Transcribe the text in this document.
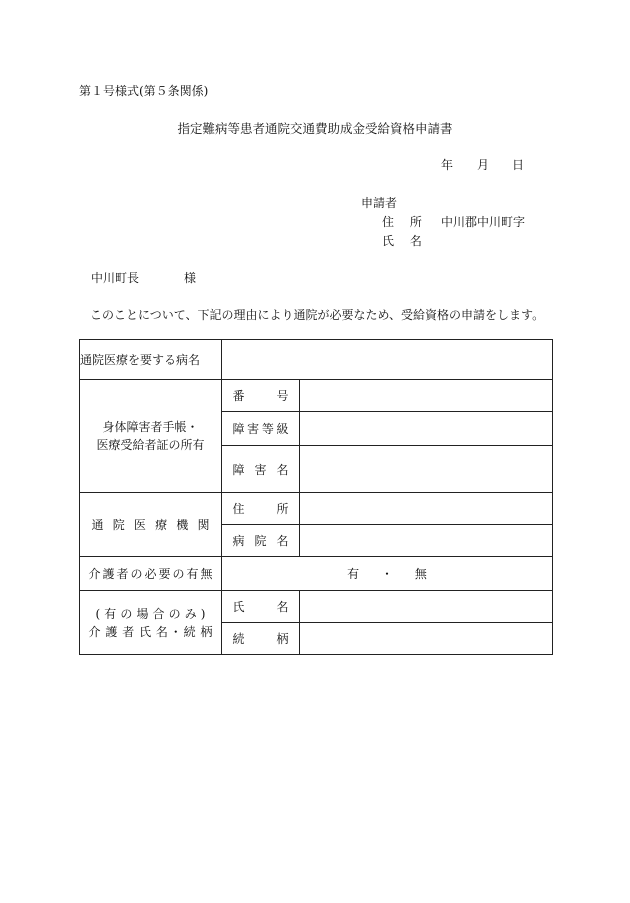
第１号様式(第５条関係)
指定難病等患者通院交通費助成金受給資格申請書
年 月 日
申請者
住 所 中川郡中川町字
氏 名
中川町長	様
このことについて、下記の理由により通院が必要なため、受給資格の申請をします。
通院医療を要する病名		

身体障害者手帳・
医療受給者証の所有	番号	
	障害等級	
	障害名	
通院医療機関	住所	
	病院名	
介護者の必要の有無	有 ・ 無	

(有の場合のみ)
介護者氏名･続柄	氏名	
	続柄	
